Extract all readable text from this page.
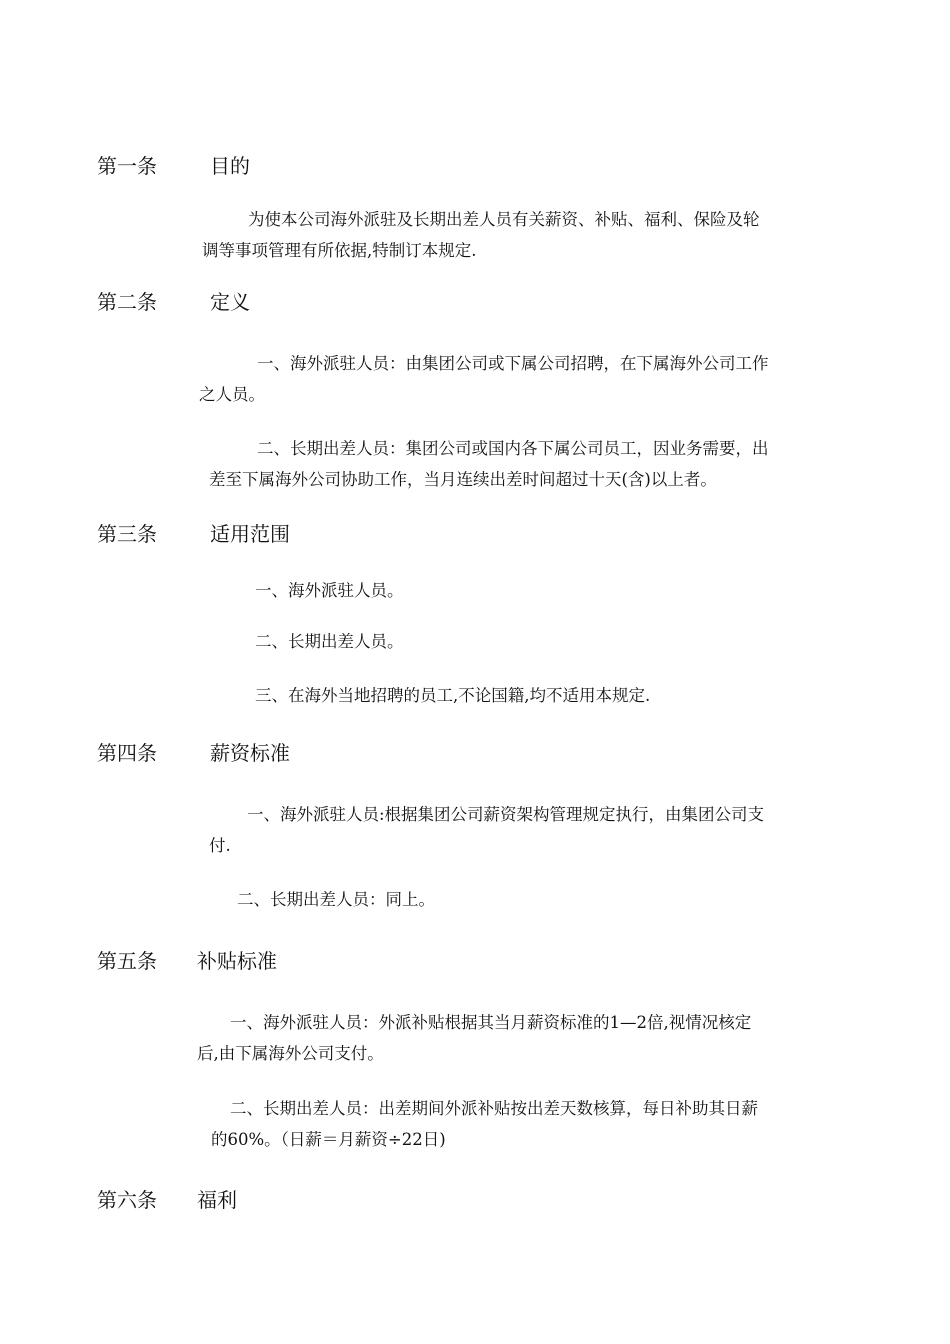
第一条	目的
为使本公司海外派驻及长期出差人员有关薪资、补贴、福利、保险及轮
调等事项管理有所依据,特制订本规定.
第二条	定义
一、海外派驻人员：由集团公司或下属公司招聘，在下属海外公司工作
之人员。
二、长期出差人员：集团公司或国内各下属公司员工，因业务需要，出
差至下属海外公司协助工作，当月连续出差时间超过十天(含)以上者。
第三条	适用范围
一、海外派驻人员。
二、长期出差人员。
三、在海外当地招聘的员工,不论国籍,均不适用本规定.
第四条	薪资标准
一、海外派驻人员:根据集团公司薪资架构管理规定执行，由集团公司支
付.
二、长期出差人员：同上。
第五条 补贴标准
一、海外派驻人员：外派补贴根据其当月薪资标准的1—2倍,视情况核定
后,由下属海外公司支付。
二、长期出差人员：出差期间外派补贴按出差天数核算，每日补助其日薪
的60%。（日薪＝月薪资÷22日)
第六条 福利
